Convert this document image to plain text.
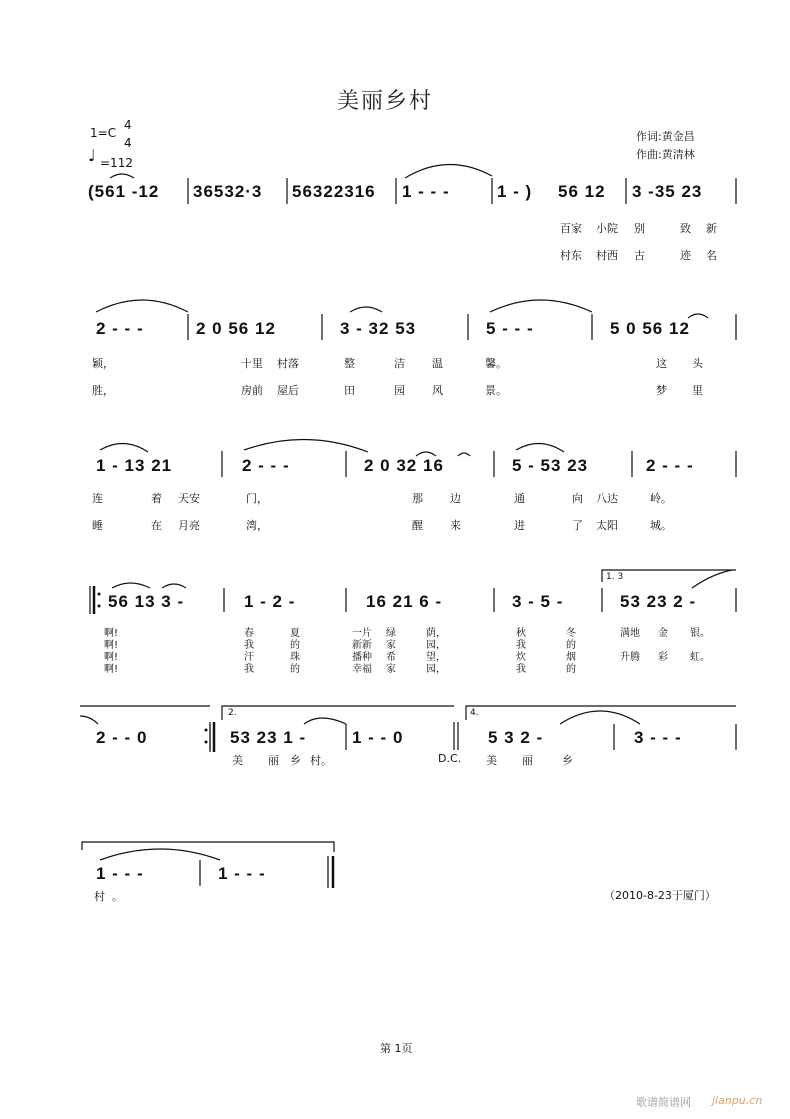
美丽乡村
1=C
4
4
♩ =112
作词:黄金昌
作曲:黄清林
(561 -12 36532·3 56322316 1 - - -	1 - ) 56 12 3 -35 23
百家 小院 别	致 新
村东 村西 古	迹 名
2 - - -	2 0 56 12	3 - 32 53	5 - - -	5 0 56 12
颖，	十里 村落	整	洁 温	馨。	这 头
胜，	房前 屋后	田	园 风	景。	梦 里
1 - 13 21	2 - - -	2 0 32 16	5 - 53 23	2 - - -
连	着 天安	门，	那 边	通	向 八达	岭。
睡	在 月亮	湾，	醒 来	进	了 太阳	城。
1. 3
56 13 3 -	1 - 2 -	16 21 6 -	3 - 5 -	53 23 2 -
啊!	春	夏	一片 绿	荫，	秋	冬	满地 金 银。
啊!	我	的	新新 家	园，	我	的
啊!	汗	珠	播种 希	望，	炊	烟	升腾 彩 虹。
啊!	我	的	幸福 家	园，	我	的
2.	4.
2 - - 0	53 23 1 -	1 - - 0	5 3 2 -	3 - - -
美 丽 乡 村。	D.C. 美 丽	乡
1 - - -	1 - - -
村 。	（2010-8-23于厦门）
第 1页
歌谱简谱网 jianpu.cn
